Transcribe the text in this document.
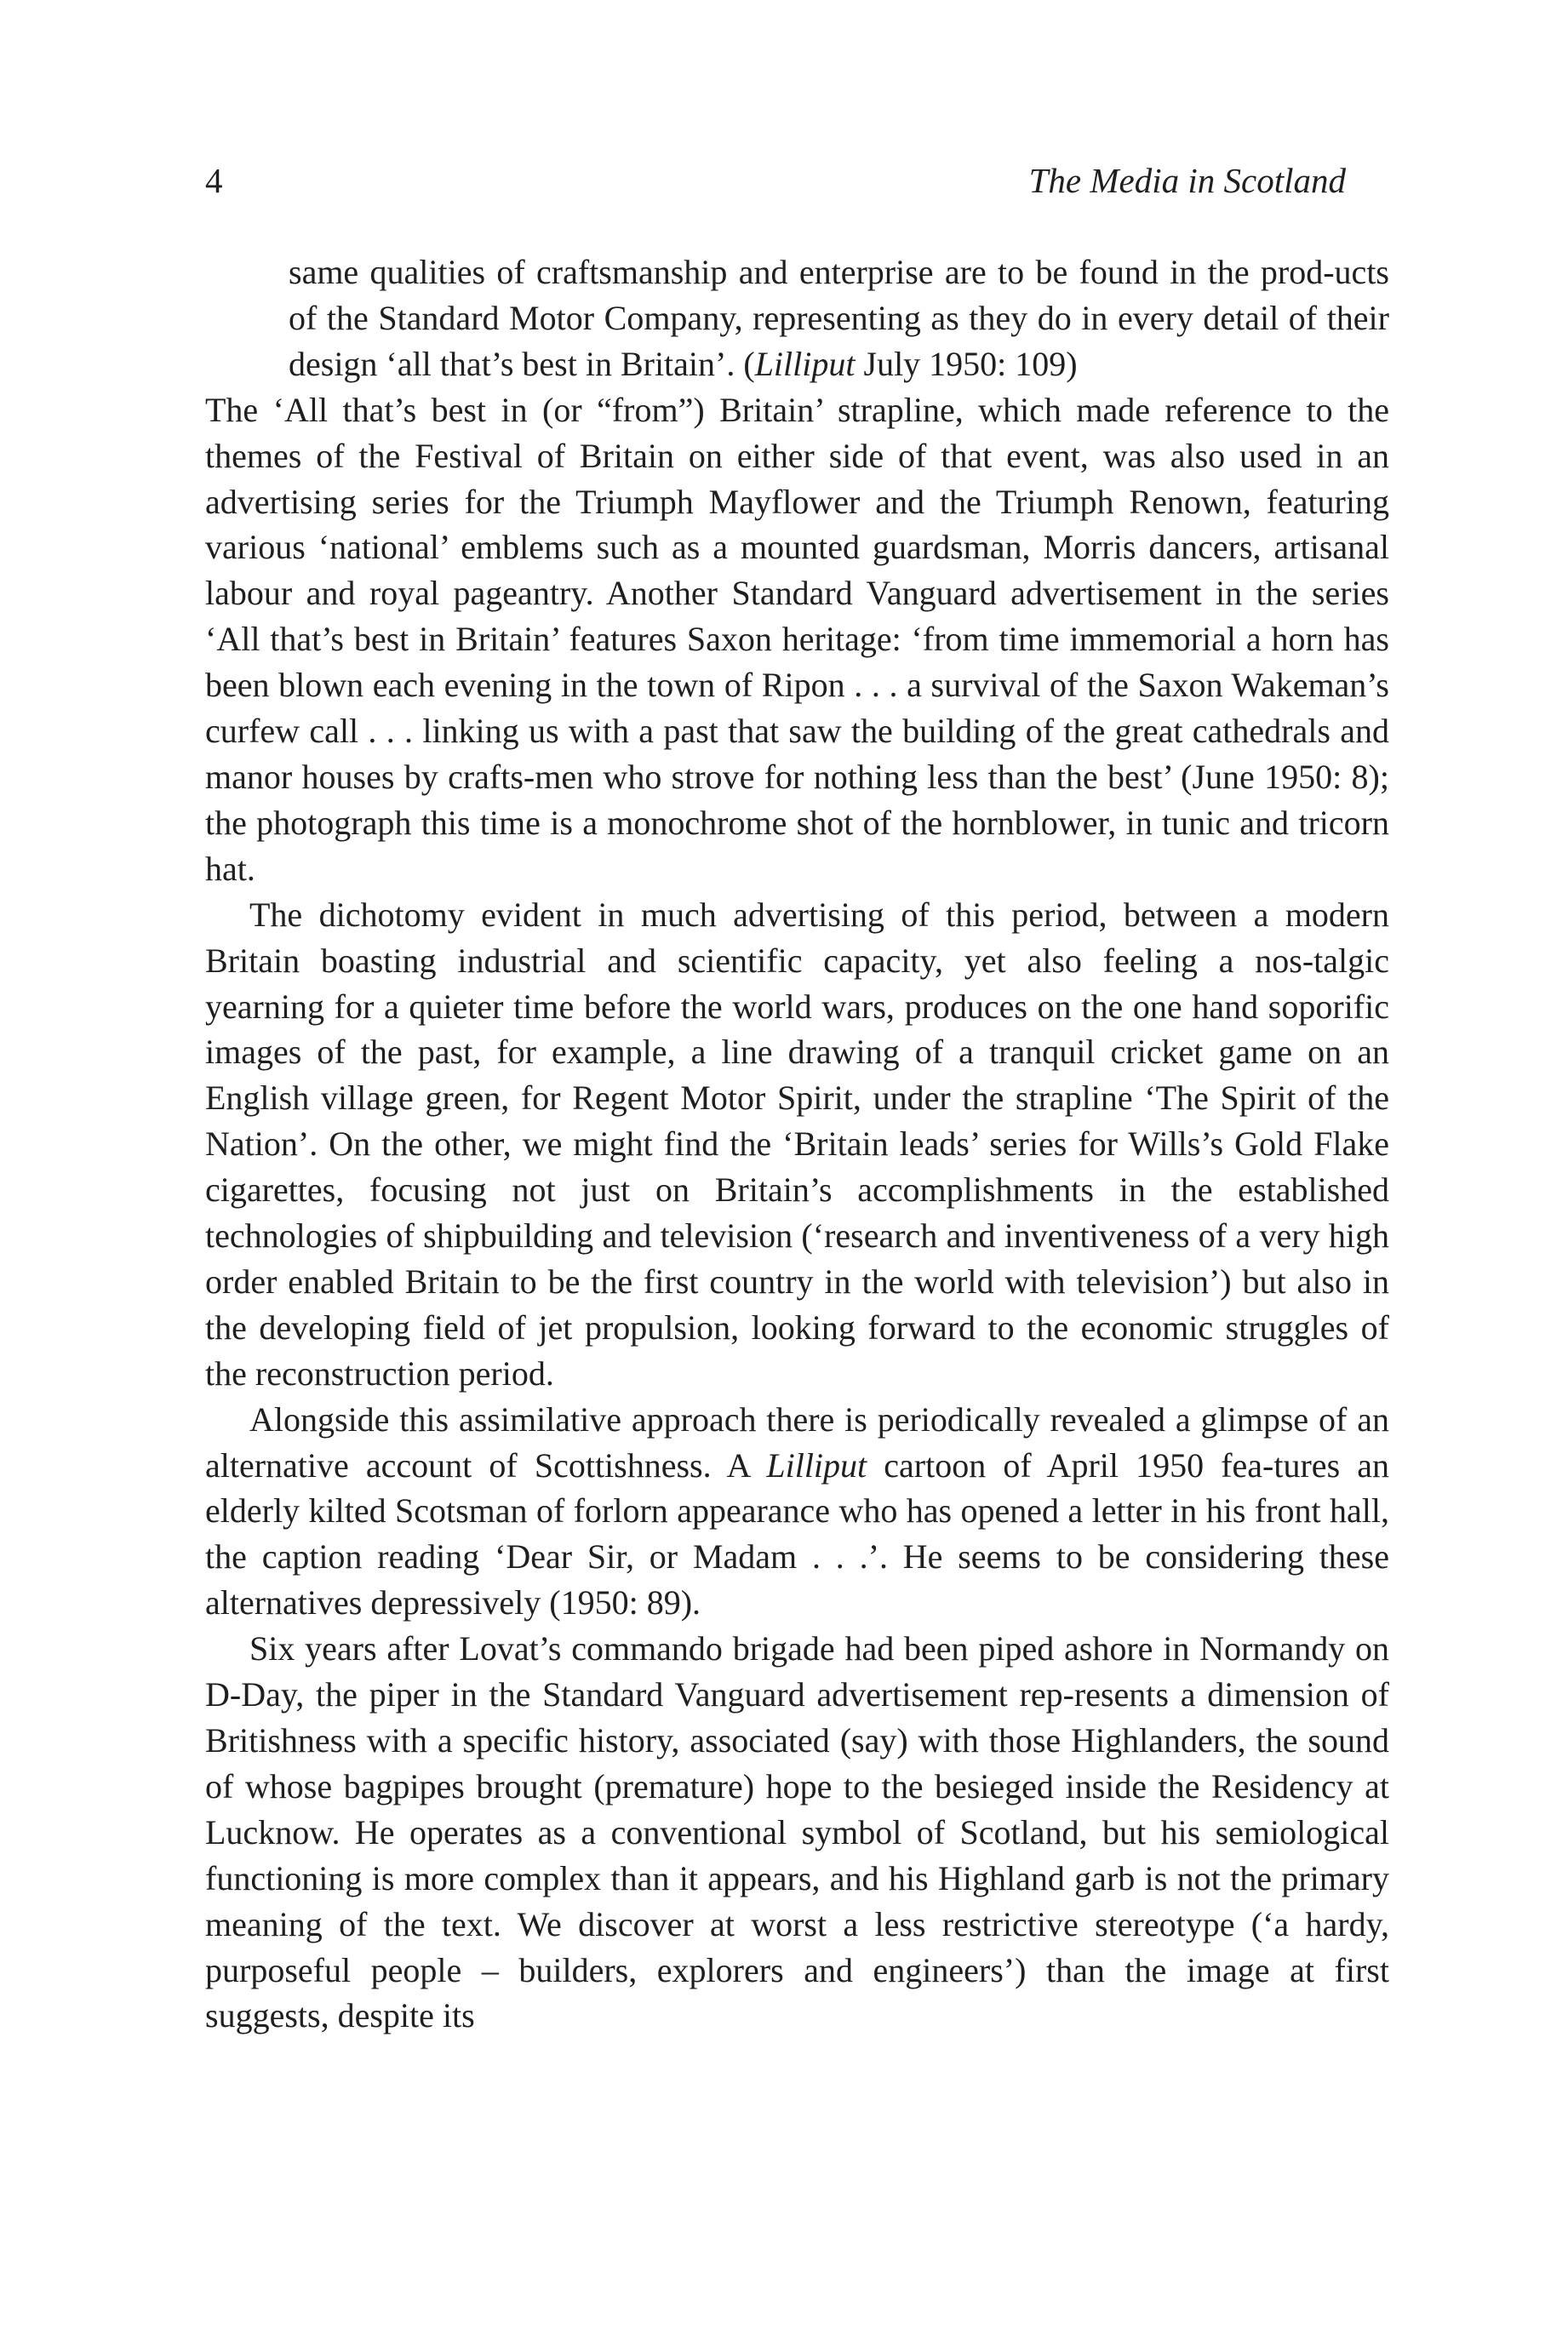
4	The Media in Scotland

same qualities of craftsmanship and enterprise are to be found in the prod-ucts of the Standard Motor Company, representing as they do in every detail of their design ‘all that’s best in Britain’. (Lilliput July 1950: 109)

The ‘All that’s best in (or “from”) Britain’ strapline, which made reference to the themes of the Festival of Britain on either side of that event, was also used in an advertising series for the Triumph Mayflower and the Triumph Renown, featuring various ‘national’ emblems such as a mounted guardsman, Morris dancers, artisanal labour and royal pageantry. Another Standard Vanguard advertisement in the series ‘All that’s best in Britain’ features Saxon heritage: ‘from time immemorial a horn has been blown each evening in the town of Ripon . . . a survival of the Saxon Wakeman’s curfew call . . . linking us with a past that saw the building of the great cathedrals and manor houses by crafts-men who strove for nothing less than the best’ (June 1950: 8); the photograph this time is a monochrome shot of the hornblower, in tunic and tricorn hat.

The dichotomy evident in much advertising of this period, between a modern Britain boasting industrial and scientific capacity, yet also feeling a nos-talgic yearning for a quieter time before the world wars, produces on the one hand soporific images of the past, for example, a line drawing of a tranquil cricket game on an English village green, for Regent Motor Spirit, under the strapline ‘The Spirit of the Nation’. On the other, we might find the ‘Britain leads’ series for Wills’s Gold Flake cigarettes, focusing not just on Britain’s accomplishments in the established technologies of shipbuilding and television (‘research and inventiveness of a very high order enabled Britain to be the first country in the world with television’) but also in the developing field of jet propulsion, looking forward to the economic struggles of the reconstruction period.

Alongside this assimilative approach there is periodically revealed a glimpse of an alternative account of Scottishness. A Lilliput cartoon of April 1950 fea-tures an elderly kilted Scotsman of forlorn appearance who has opened a letter in his front hall, the caption reading ‘Dear Sir, or Madam . . .’. He seems to be considering these alternatives depressively (1950: 89).

Six years after Lovat’s commando brigade had been piped ashore in Normandy on D-Day, the piper in the Standard Vanguard advertisement rep-resents a dimension of Britishness with a specific history, associated (say) with those Highlanders, the sound of whose bagpipes brought (premature) hope to the besieged inside the Residency at Lucknow. He operates as a conventional symbol of Scotland, but his semiological functioning is more complex than it appears, and his Highland garb is not the primary meaning of the text. We discover at worst a less restrictive stereotype (‘a hardy, purposeful people – builders, explorers and engineers’) than the image at first suggests, despite its
